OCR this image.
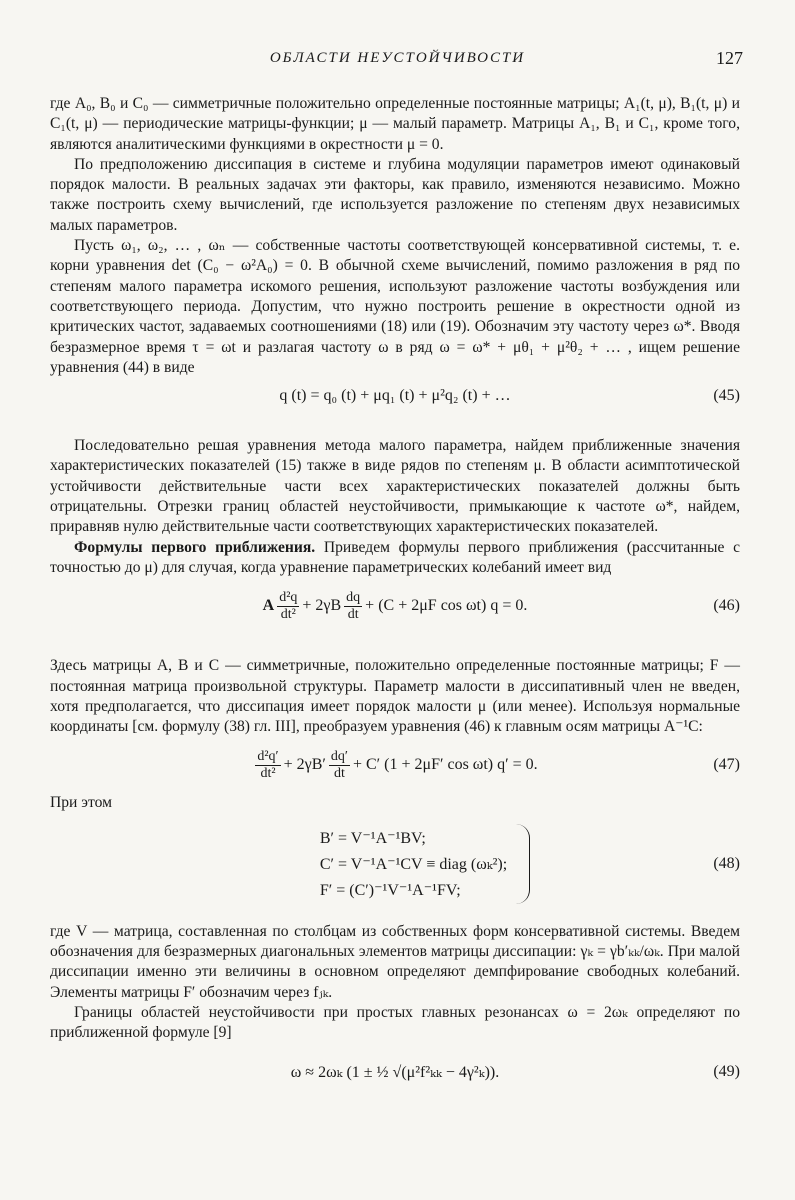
ОБЛАСТИ НЕУСТОЙЧИВОСТИ	127

где A₀, B₀ и C₀ — симметричные положительно определенные постоянные матрицы; A₁(t, μ), B₁(t, μ) и C₁(t, μ) — периодические матрицы-функции; μ — малый параметр. Матрицы A₁, B₁ и C₁, кроме того, являются аналитическими функциями в окрестности μ = 0.

По предположению диссипация в системе и глубина модуляции параметров имеют одинаковый порядок малости. В реальных задачах эти факторы, как правило, изменяются независимо. Можно также построить схему вычислений, где используется разложение по степеням двух независимых малых параметров.

Пусть ω₁, ω₂, … , ωₙ — собственные частоты соответствующей консервативной системы, т. е. корни уравнения det (C₀ − ω²A₀) = 0. В обычной схеме вычислений, помимо разложения в ряд по степеням малого параметра искомого решения, используют разложение частоты возбуждения или соответствующего периода. Допустим, что нужно построить решение в окрестности одной из критических частот, задаваемых соотношениями (18) или (19). Обозначим эту частоту через ω*. Вводя безразмерное время τ = ωt и разлагая частоту ω в ряд ω = ω* + μθ₁ + μ²θ₂ + … , ищем решение уравнения (44) в виде

q (t) = q₀ (t) + μq₁ (t) + μ²q₂ (t) + …	(45)

Последовательно решая уравнения метода малого параметра, найдем приближенные значения характеристических показателей (15) также в виде рядов по степеням μ. В области асимптотической устойчивости действительные части всех характеристических показателей должны быть отрицательны. Отрезки границ областей неустойчивости, примыкающие к частоте ω*, найдем, приравняв нулю действительные части соответствующих характеристических показателей.

Формулы первого приближения. Приведем формулы первого приближения (рассчитанные с точностью до μ) для случая, когда уравнение параметрических колебаний имеет вид

A $\frac{\text{d²q}}{\text{dt²}} + 2\gamma B \frac{dq}{dt} + (C + 2\mu F$ cos ωt) q = 0.	(46)

Здесь матрицы A, B и C — симметричные, положительно определенные постоянные матрицы; F — постоянная матрица произвольной структуры. Параметр малости в диссипативный член не введен, хотя предполагается, что диссипация имеет порядок малости μ (или менее). Используя нормальные координаты [см. формулу (38) гл. III], преобразуем уравнения (46) к главным осям матрицы A⁻¹C:

$\frac{\text{d²q′}}{\text{dt²}} + 2\gamma B' \frac{dq'}{dt} + C'$ (1 + 2μF′ cos ωt) q′ = 0.	(47)

При этом

B′ = V⁻¹A⁻¹BV;
C′ = V⁻¹A⁻¹CV ≡ diag (ωₖ²);
F′ = (C′)⁻¹V⁻¹A⁻¹FV;
(48)

где V — матрица, составленная по столбцам из собственных форм консервативной системы. Введем обозначения для безразмерных диагональных элементов матрицы диссипации: γₖ = γb′ₖₖ/ωₖ. При малой диссипации именно эти величины в основном определяют демпфирование свободных колебаний. Элементы матрицы F′ обозначим через fⱼₖ.

Границы областей неустойчивости при простых главных резонансах ω = 2ωₖ определяют по приближенной формуле [9]

ω ≈ 2ωₖ (1 ± ½ √(μ²f²ₖₖ − 4γ²ₖ)).	(49)
